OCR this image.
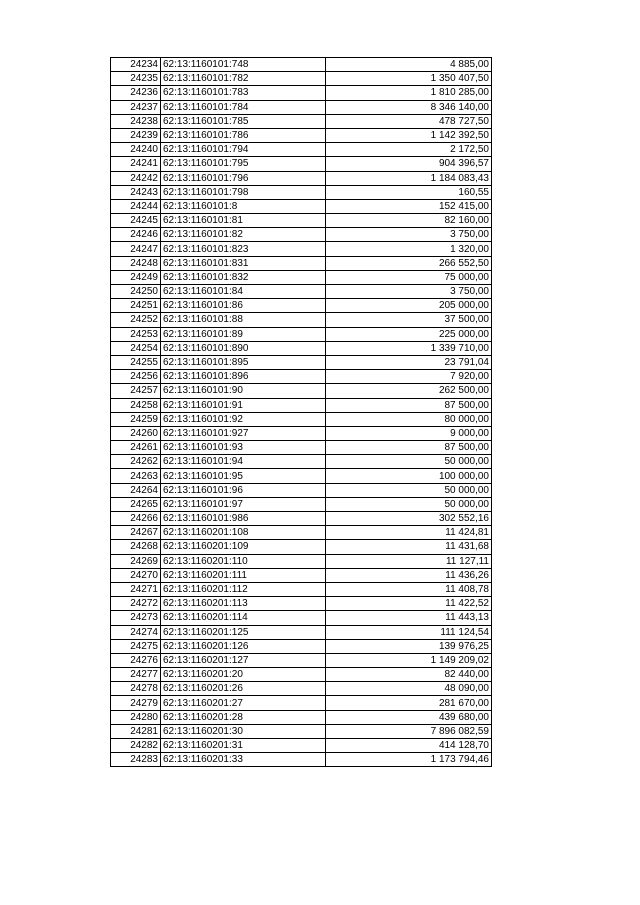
24234	62:13:1160101:748	4 885,00
24235	62:13:1160101:782	1 350 407,50
24236	62:13:1160101:783	1 810 285,00
24237	62:13:1160101:784	8 346 140,00
24238	62:13:1160101:785	478 727,50
24239	62:13:1160101:786	1 142 392,50
24240	62:13:1160101:794	2 172,50
24241	62:13:1160101:795	904 396,57
24242	62:13:1160101:796	1 184 083,43
24243	62:13:1160101:798	160,55
24244	62:13:1160101:8	152 415,00
24245	62:13:1160101:81	82 160,00
24246	62:13:1160101:82	3 750,00
24247	62:13:1160101:823	1 320,00
24248	62:13:1160101:831	266 552,50
24249	62:13:1160101:832	75 000,00
24250	62:13:1160101:84	3 750,00
24251	62:13:1160101:86	205 000,00
24252	62:13:1160101:88	37 500,00
24253	62:13:1160101:89	225 000,00
24254	62:13:1160101:890	1 339 710,00
24255	62:13:1160101:895	23 791,04
24256	62:13:1160101:896	7 920,00
24257	62:13:1160101:90	262 500,00
24258	62:13:1160101:91	87 500,00
24259	62:13:1160101:92	80 000,00
24260	62:13:1160101:927	9 000,00
24261	62:13:1160101:93	87 500,00
24262	62:13:1160101:94	50 000,00
24263	62:13:1160101:95	100 000,00
24264	62:13:1160101:96	50 000,00
24265	62:13:1160101:97	50 000,00
24266	62:13:1160101:986	302 552,16
24267	62:13:1160201:108	11 424,81
24268	62:13:1160201:109	11 431,68
24269	62:13:1160201:110	11 127,11
24270	62:13:1160201:111	11 436,26
24271	62:13:1160201:112	11 408,78
24272	62:13:1160201:113	11 422,52
24273	62:13:1160201:114	11 443,13
24274	62:13:1160201:125	111 124,54
24275	62:13:1160201:126	139 976,25
24276	62:13:1160201:127	1 149 209,02
24277	62:13:1160201:20	82 440,00
24278	62:13:1160201:26	48 090,00
24279	62:13:1160201:27	281 670,00
24280	62:13:1160201:28	439 680,00
24281	62:13:1160201:30	7 896 082,59
24282	62:13:1160201:31	414 128,70
24283	62:13:1160201:33	1 173 794,46
